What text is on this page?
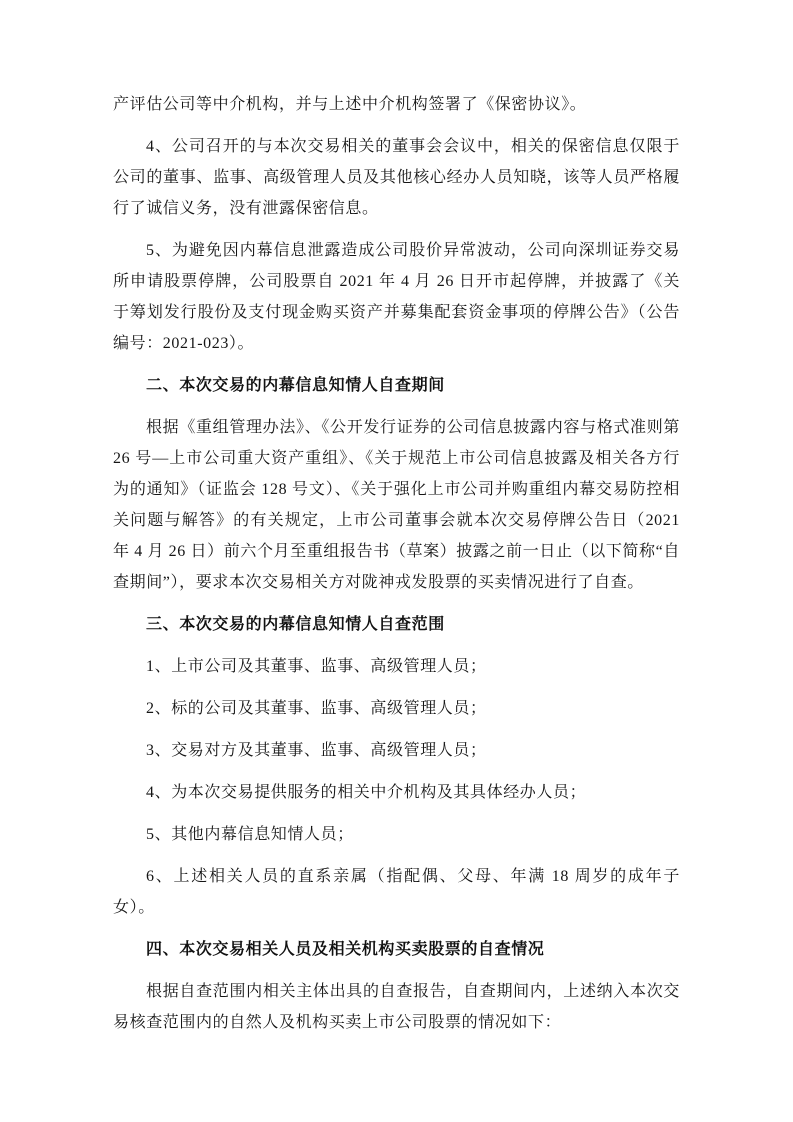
产评估公司等中介机构，并与上述中介机构签署了《保密协议》。

4、公司召开的与本次交易相关的董事会会议中，相关的保密信息仅限于公司的董事、监事、高级管理人员及其他核心经办人员知晓，该等人员严格履行了诚信义务，没有泄露保密信息。

5、为避免因内幕信息泄露造成公司股价异常波动，公司向深圳证券交易所申请股票停牌，公司股票自 2021 年 4 月 26 日开市起停牌，并披露了《关于筹划发行股份及支付现金购买资产并募集配套资金事项的停牌公告》（公告编号：2021-023）。

二、本次交易的内幕信息知情人自查期间

根据《重组管理办法》、《公开发行证券的公司信息披露内容与格式准则第 26 号—上市公司重大资产重组》、《关于规范上市公司信息披露及相关各方行为的通知》（证监会 128 号文）、《关于强化上市公司并购重组内幕交易防控相关问题与解答》的有关规定，上市公司董事会就本次交易停牌公告日（2021 年 4 月 26 日）前六个月至重组报告书（草案）披露之前一日止（以下简称“自查期间”），要求本次交易相关方对陇神戎发股票的买卖情况进行了自查。

三、本次交易的内幕信息知情人自查范围

1、上市公司及其董事、监事、高级管理人员；

2、标的公司及其董事、监事、高级管理人员；

3、交易对方及其董事、监事、高级管理人员；

4、为本次交易提供服务的相关中介机构及其具体经办人员；

5、其他内幕信息知情人员；

6、上述相关人员的直系亲属（指配偶、父母、年满 18 周岁的成年子女）。

四、本次交易相关人员及相关机构买卖股票的自查情况

根据自查范围内相关主体出具的自查报告，自查期间内，上述纳入本次交易核查范围内的自然人及机构买卖上市公司股票的情况如下：
